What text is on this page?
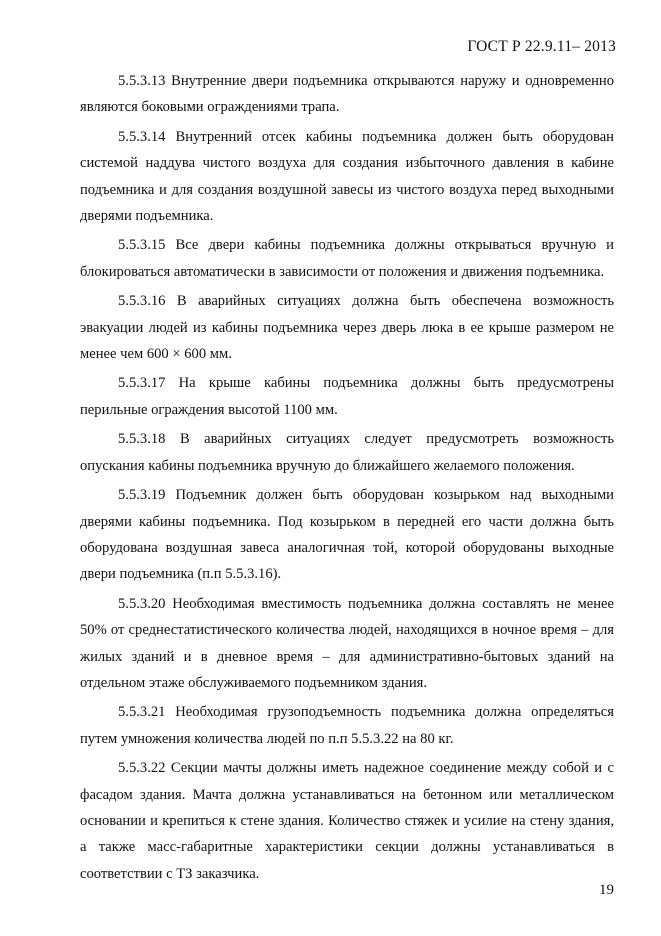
ГОСТ Р 22.9.11– 2013

5.5.3.13 Внутренние двери подъемника открываются наружу и одновременно являются боковыми ограждениями трапа.

5.5.3.14 Внутренний отсек кабины подъемника должен быть оборудован системой наддува чистого воздуха для создания избыточного давления в кабине подъемника и для создания воздушной завесы из чистого воздуха перед выходными дверями подъемника.

5.5.3.15 Все двери кабины подъемника должны открываться вручную и блокироваться автоматически в зависимости от положения и движения подъемника.

5.5.3.16 В аварийных ситуациях должна быть обеспечена возможность эвакуации людей из кабины подъемника через дверь люка в ее крыше размером не менее чем 600 × 600 мм.

5.5.3.17 На крыше кабины подъемника должны быть предусмотрены перильные ограждения высотой 1100 мм.

5.5.3.18 В аварийных ситуациях следует предусмотреть возможность опускания кабины подъемника вручную до ближайшего желаемого положения.

5.5.3.19 Подъемник должен быть оборудован козырьком над выходными дверями кабины подъемника. Под козырьком в передней его части должна быть оборудована воздушная завеса аналогичная той, которой оборудованы выходные двери подъемника (п.п 5.5.3.16).

5.5.3.20 Необходимая вместимость подъемника должна составлять не менее 50% от среднестатистического количества людей, находящихся в ночное время – для жилых зданий и в дневное время – для административно-бытовых зданий на отдельном этаже обслуживаемого подъемником здания.

5.5.3.21 Необходимая грузоподъемность подъемника должна определяться путем умножения количества людей по п.п 5.5.3.22 на 80 кг.

5.5.3.22 Секции мачты должны иметь надежное соединение между собой и с фасадом здания. Мачта должна устанавливаться на бетонном или металлическом основании и крепиться к стене здания. Количество стяжек и усилие на стену здания, а также масс-габаритные характеристики секции должны устанавливаться в соответствии с ТЗ заказчика.

19
